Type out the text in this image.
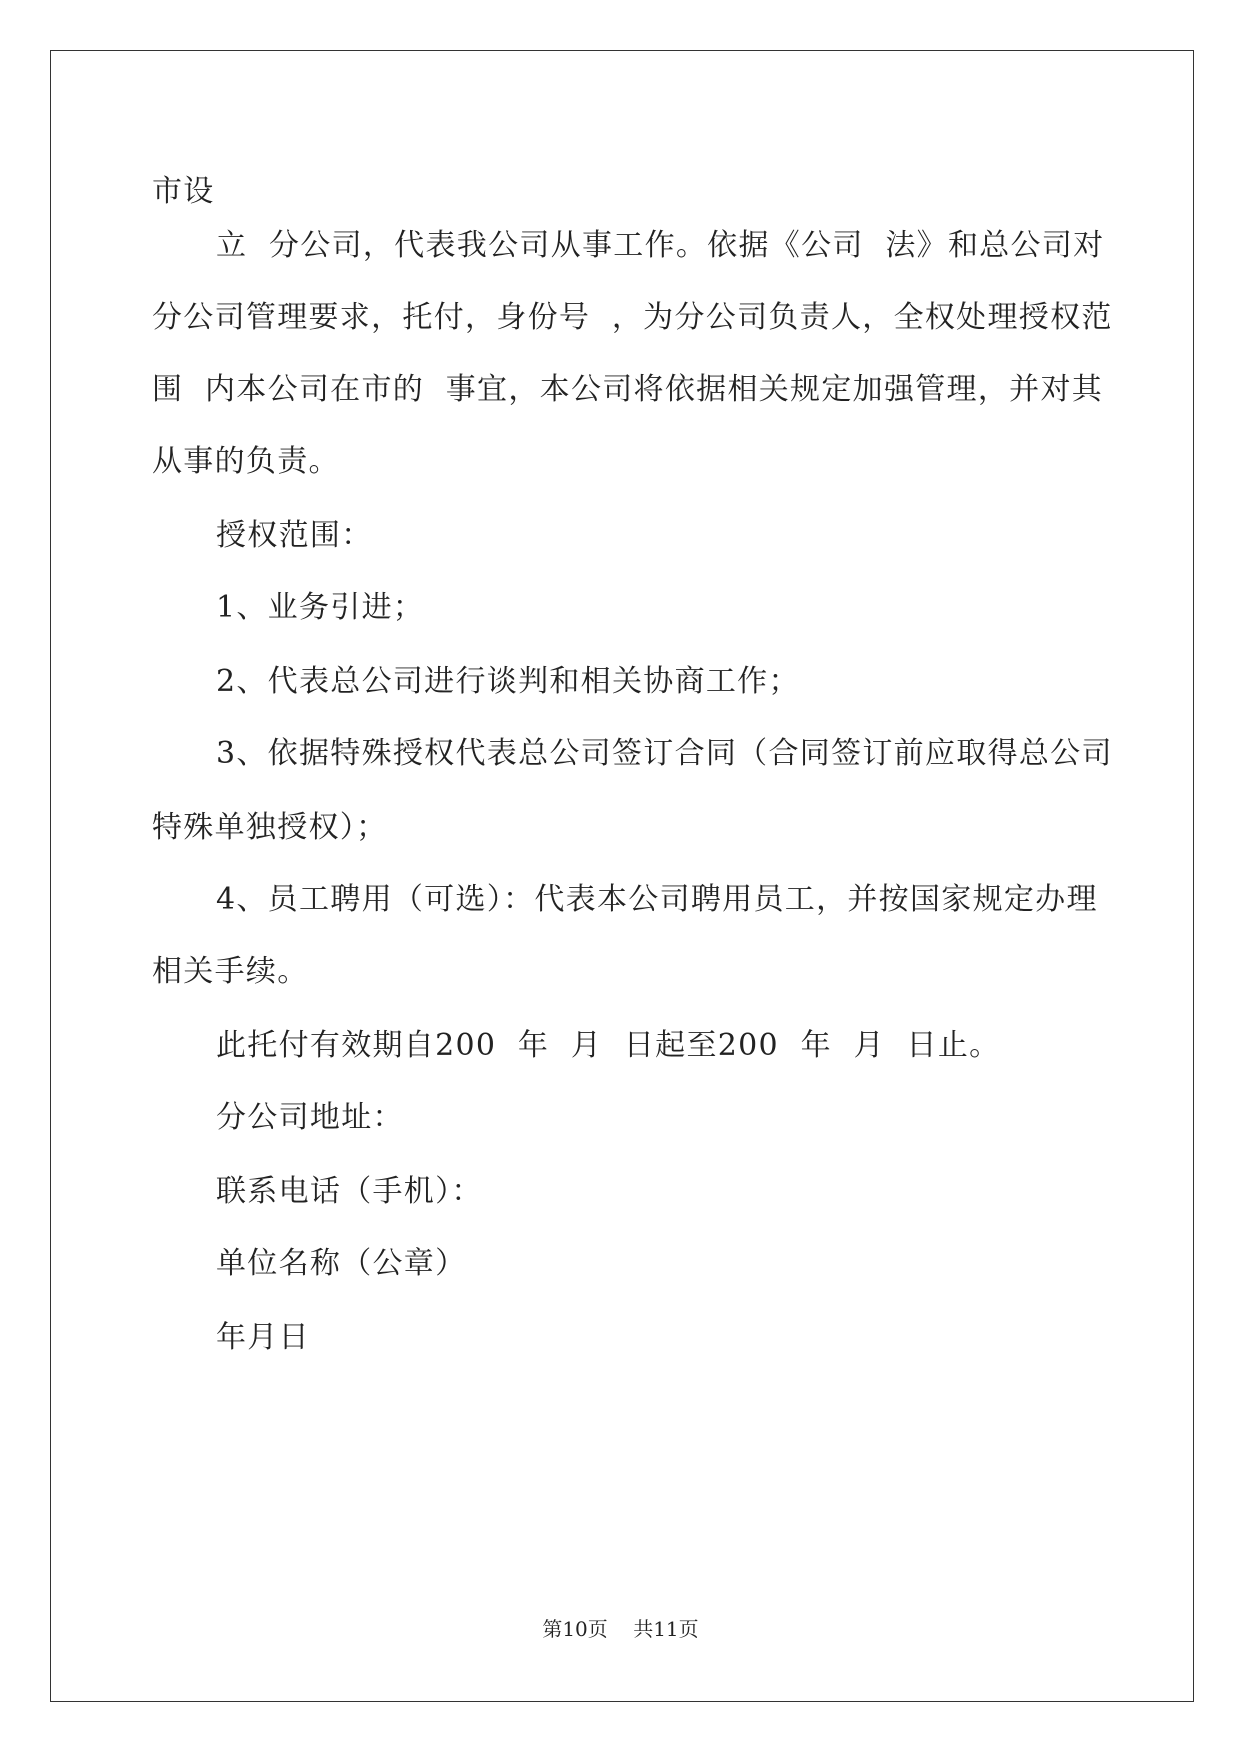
市设
立  分公司，代表我公司从事工作。依据《公司  法》和总公司对
分公司管理要求，托付，身份号  ，为分公司负责人，全权处理授权范
围  内本公司在市的  事宜，本公司将依据相关规定加强管理，并对其
从事的负责。
授权范围：
1、业务引进；
2、代表总公司进行谈判和相关协商工作；
3、依据特殊授权代表总公司签订合同（合同签订前应取得总公司
特殊单独授权）；
4、员工聘用（可选）：代表本公司聘用员工，并按国家规定办理
相关手续。
此托付有效期自200  年  月  日起至200  年  月  日止。
分公司地址：
联系电话（手机）：
单位名称（公章）
年月日
第10页    共11页
